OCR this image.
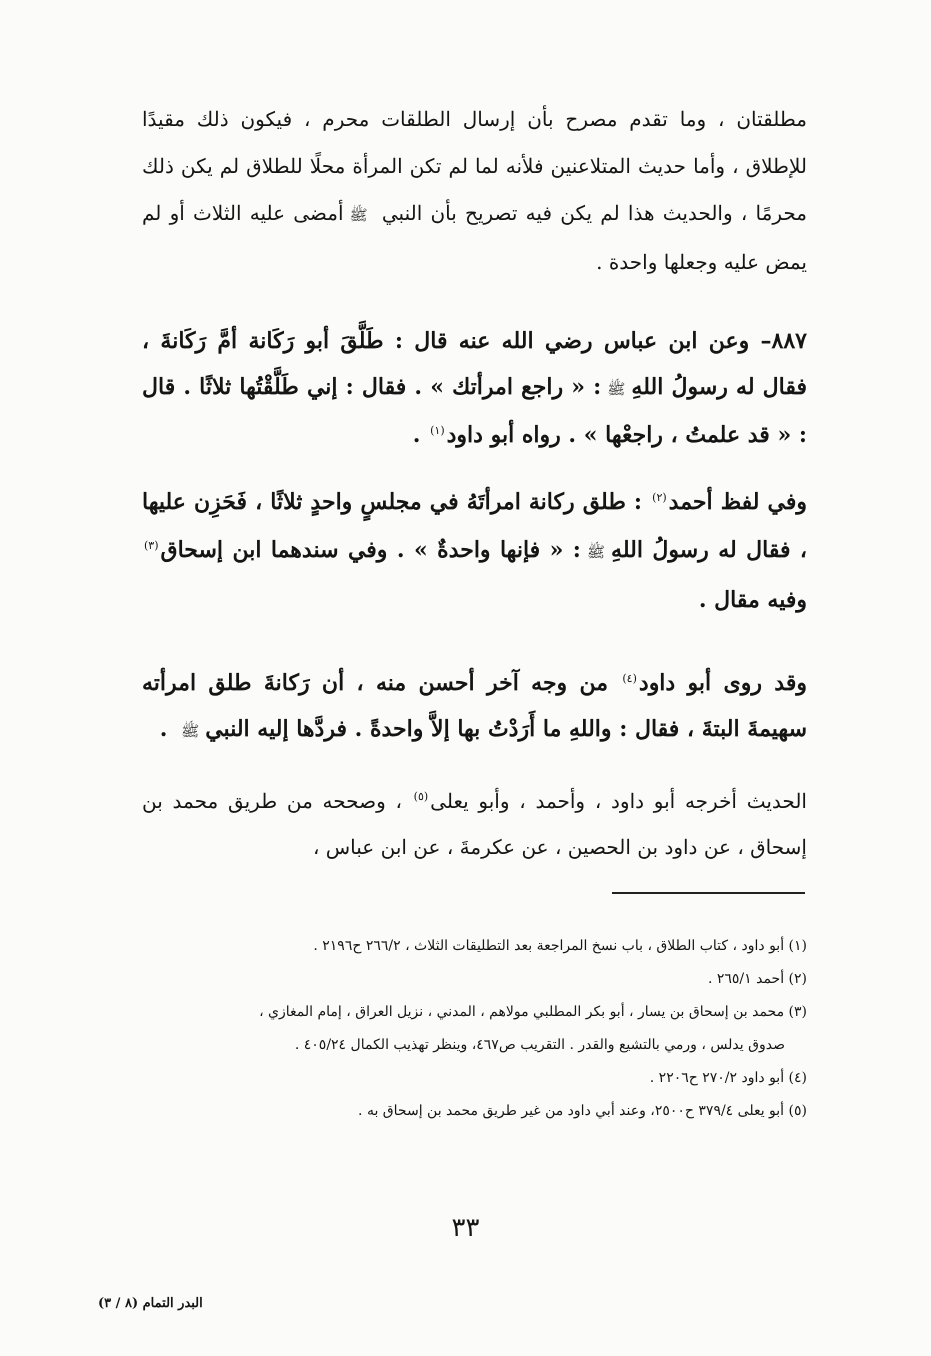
مطلقتان ، وما تقدم مصرح بأن إرسال الطلقات محرم ، فيكون ذلك مقيدًا للإطلاق ، وأما حديث المتلاعنين فلأنه لما لم تكن المرأة محلًا للطلاق لم يكن ذلك محرمًا ، والحديث هذا لم يكن فيه تصريح بأن النبي ﷺأمضى عليه الثلاث أو لم يمض عليه وجعلها واحدة .
٨٨٧– وعن ابن عباس رضي الله عنه قال : طَلَّقَ أبو رَكَانة أمَّ رَكَانةَ ، فقال له رسولُ اللهِﷺ: « راجع امرأتك » . فقال : إني طَلَّقْتُها ثلاثًا . قال : « قد علمتُ ، راجعْها » . رواه أبو داود$^{(١)}$ .
وفي لفظ أحمد$^{(٢)}$ : طلق ركانة امرأتَهُ في مجلسٍ واحدٍ ثلاثًا ، فَحَزِن عليها ، فقال له رسولُ اللهِﷺ: « فإنها واحدةٌ » . وفي سندهما ابن إسحاق$^{(٣)}$ وفيه مقال .
وقد روى أبو داود$^{(٤)}$ من وجه آخر أحسن منه ، أن رَكانةَ طلق امرأته سهيمةَ البتةَ ، فقال : واللهِ ما أَرَدْتُ بها إلاَّ واحدةً . فردَّها إليه النبيﷺ .
الحديث أخرجه أبو داود ، وأحمد ، وأبو يعلى$^{(٥)}$ ، وصححه من طريق محمد بن إسحاق ، عن داود بن الحصين ، عن عكرمةَ ، عن ابن عباس ،

(١) أبو داود ، كتاب الطلاق ، باب نسخ المراجعة بعد التطليقات الثلاث ، ٢٦٦/٢ ح٢١٩٦ .

(٢) أحمد ٢٦٥/١ .

(٣) محمد بن إسحاق بن يسار ، أبو بكر المطلبي مولاهم ، المدني ، نزيل العراق ، إمام المغازي ،

صدوق يدلس ، ورمي بالتشيع والقدر . التقريب ص٤٦٧، وينظر تهذيب الكمال ٤٠٥/٢٤ .

(٤) أبو داود ٢٧٠/٢ ح٢٢٠٦ .

(٥) أبو يعلى ٣٧٩/٤ ح٢٥٠٠، وعند أبي داود من غير طريق محمد بن إسحاق به .

٣٣
البدر التمام (٨ / ٣)
